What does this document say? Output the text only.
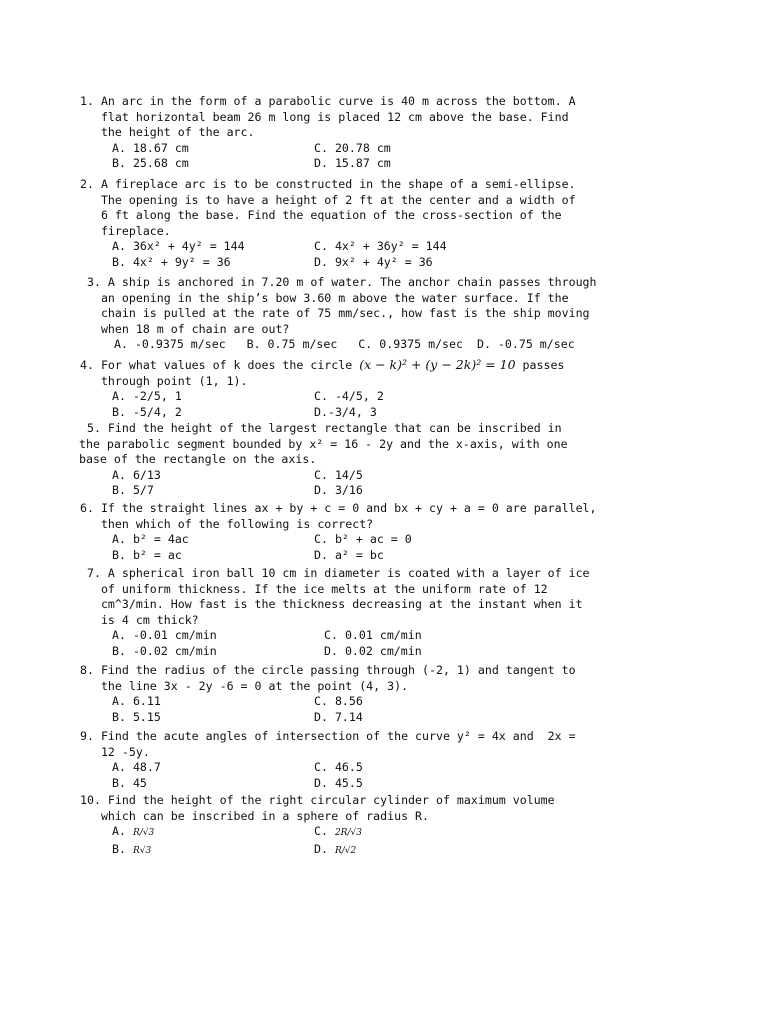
1. An arc in the form of a parabolic curve is 40 m across the bottom. A
flat horizontal beam 26 m long is placed 12 cm above the base. Find
the height of the arc.
A. 18.67 cm	C. 20.78 cm
B. 25.68 cm	D. 15.87 cm
2. A fireplace arc is to be constructed in the shape of a semi-ellipse.
The opening is to have a height of 2 ft at the center and a width of
6 ft along the base. Find the equation of the cross-section of the
fireplace.
A. 36x² + 4y² = 144	C. 4x² + 36y² = 144
B. 4x² + 9y² = 36	D. 9x² + 4y² = 36
3. A ship is anchored in 7.20 m of water. The anchor chain passes through
an opening in the ship’s bow 3.60 m above the water surface. If the
chain is pulled at the rate of 75 mm/sec., how fast is the ship moving
when 18 m of chain are out?
A. -0.9375 m/sec   B. 0.75 m/sec   C. 0.9375 m/sec  D. -0.75 m/sec
4. For what values of k does the circle (x − k)² + (y − 2k)² = 10 passes
through point (1, 1).
A. -2/5, 1	C. -4/5, 2
B. -5/4, 2	D.-3/4, 3
5. Find the height of the largest rectangle that can be inscribed in
the parabolic segment bounded by x² = 16 - 2y and the x-axis, with one
base of the rectangle on the axis.
A. 6/13	C. 14/5
B. 5/7	D. 3/16
6. If the straight lines ax + by + c = 0 and bx + cy + a = 0 are parallel,
then which of the following is correct?
A. b² = 4ac	C. b² + ac = 0
B. b² = ac	D. a² = bc
7. A spherical iron ball 10 cm in diameter is coated with a layer of ice
of uniform thickness. If the ice melts at the uniform rate of 12
cm^3/min. How fast is the thickness decreasing at the instant when it
is 4 cm thick?
A. -0.01 cm/min	C. 0.01 cm/min
B. -0.02 cm/min	D. 0.02 cm/min
8. Find the radius of the circle passing through (-2, 1) and tangent to
the line 3x - 2y -6 = 0 at the point (4, 3).
A. 6.11	C. 8.56
B. 5.15	D. 7.14
9. Find the acute angles of intersection of the curve y² = 4x and  2x =
12 -5y.
A. 48.7	C. 46.5
B. 45	D. 45.5
10. Find the height of the right circular cylinder of maximum volume
which can be inscribed in a sphere of radius R.
A. R/√3	C. 2R/√3
B. R√3	D. R/√2
